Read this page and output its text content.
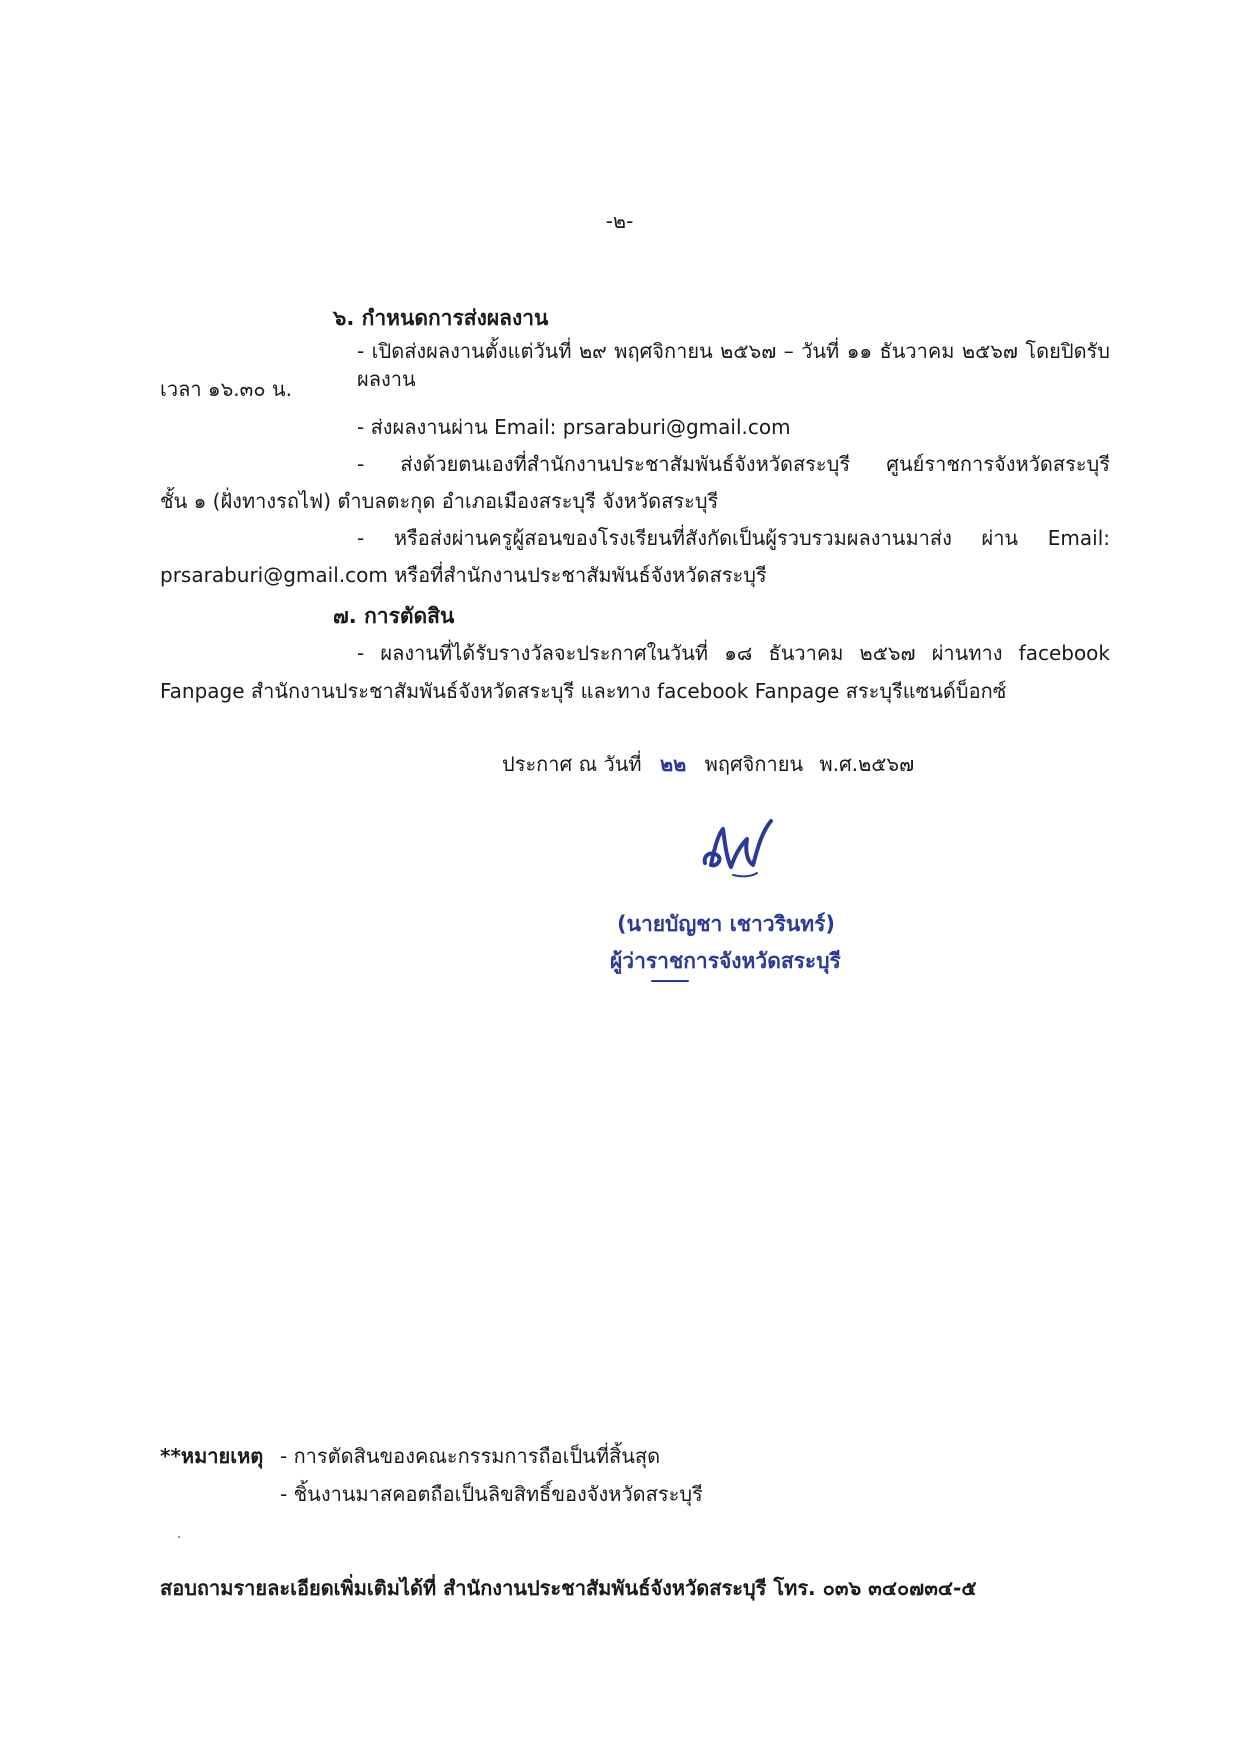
-๒-
๖. กำหนดการส่งผลงาน
- เปิดส่งผลงานตั้งแต่วันที่ ๒๙ พฤศจิกายน ๒๕๖๗ – วันที่ ๑๑ ธันวาคม ๒๕๖๗ โดยปิดรับผลงาน
เวลา ๑๖.๓๐ น.
- ส่งผลงานผ่าน Email: prsaraburi@gmail.com
- ส่งด้วยตนเองที่สำนักงานประชาสัมพันธ์จังหวัดสระบุรี ศูนย์ราชการจังหวัดสระบุรี
ชั้น ๑ (ฝั่งทางรถไฟ) ตำบลตะกุด อำเภอเมืองสระบุรี จังหวัดสระบุรี
- หรือส่งผ่านครูผู้สอนของโรงเรียนที่สังกัดเป็นผู้รวบรวมผลงานมาส่ง ผ่าน Email:
prsaraburi@gmail.com หรือที่สำนักงานประชาสัมพันธ์จังหวัดสระบุรี
๗. การตัดสิน
- ผลงานที่ได้รับรางวัลจะประกาศในวันที่ ๑๘ ธันวาคม ๒๕๖๗ ผ่านทาง facebook
Fanpage สำนักงานประชาสัมพันธ์จังหวัดสระบุรี และทาง facebook Fanpage สระบุรีแซนด์บ็อกซ์
ประกาศ ณ วันที่ ๒๒ พฤศจิกายน พ.ศ.๒๕๖๗
(นายบัญชา เชาวรินทร์)
ผู้ว่าราชการจังหวัดสระบุรี
**หมายเหตุ - การตัดสินของคณะกรรมการถือเป็นที่สิ้นสุด
- ชิ้นงานมาสคอตถือเป็นลิขสิทธิ์ของจังหวัดสระบุรี
สอบถามรายละเอียดเพิ่มเติมได้ที่ สำนักงานประชาสัมพันธ์จังหวัดสระบุรี โทร. ๐๓๖ ๓๔๐๗๓๔-๕
